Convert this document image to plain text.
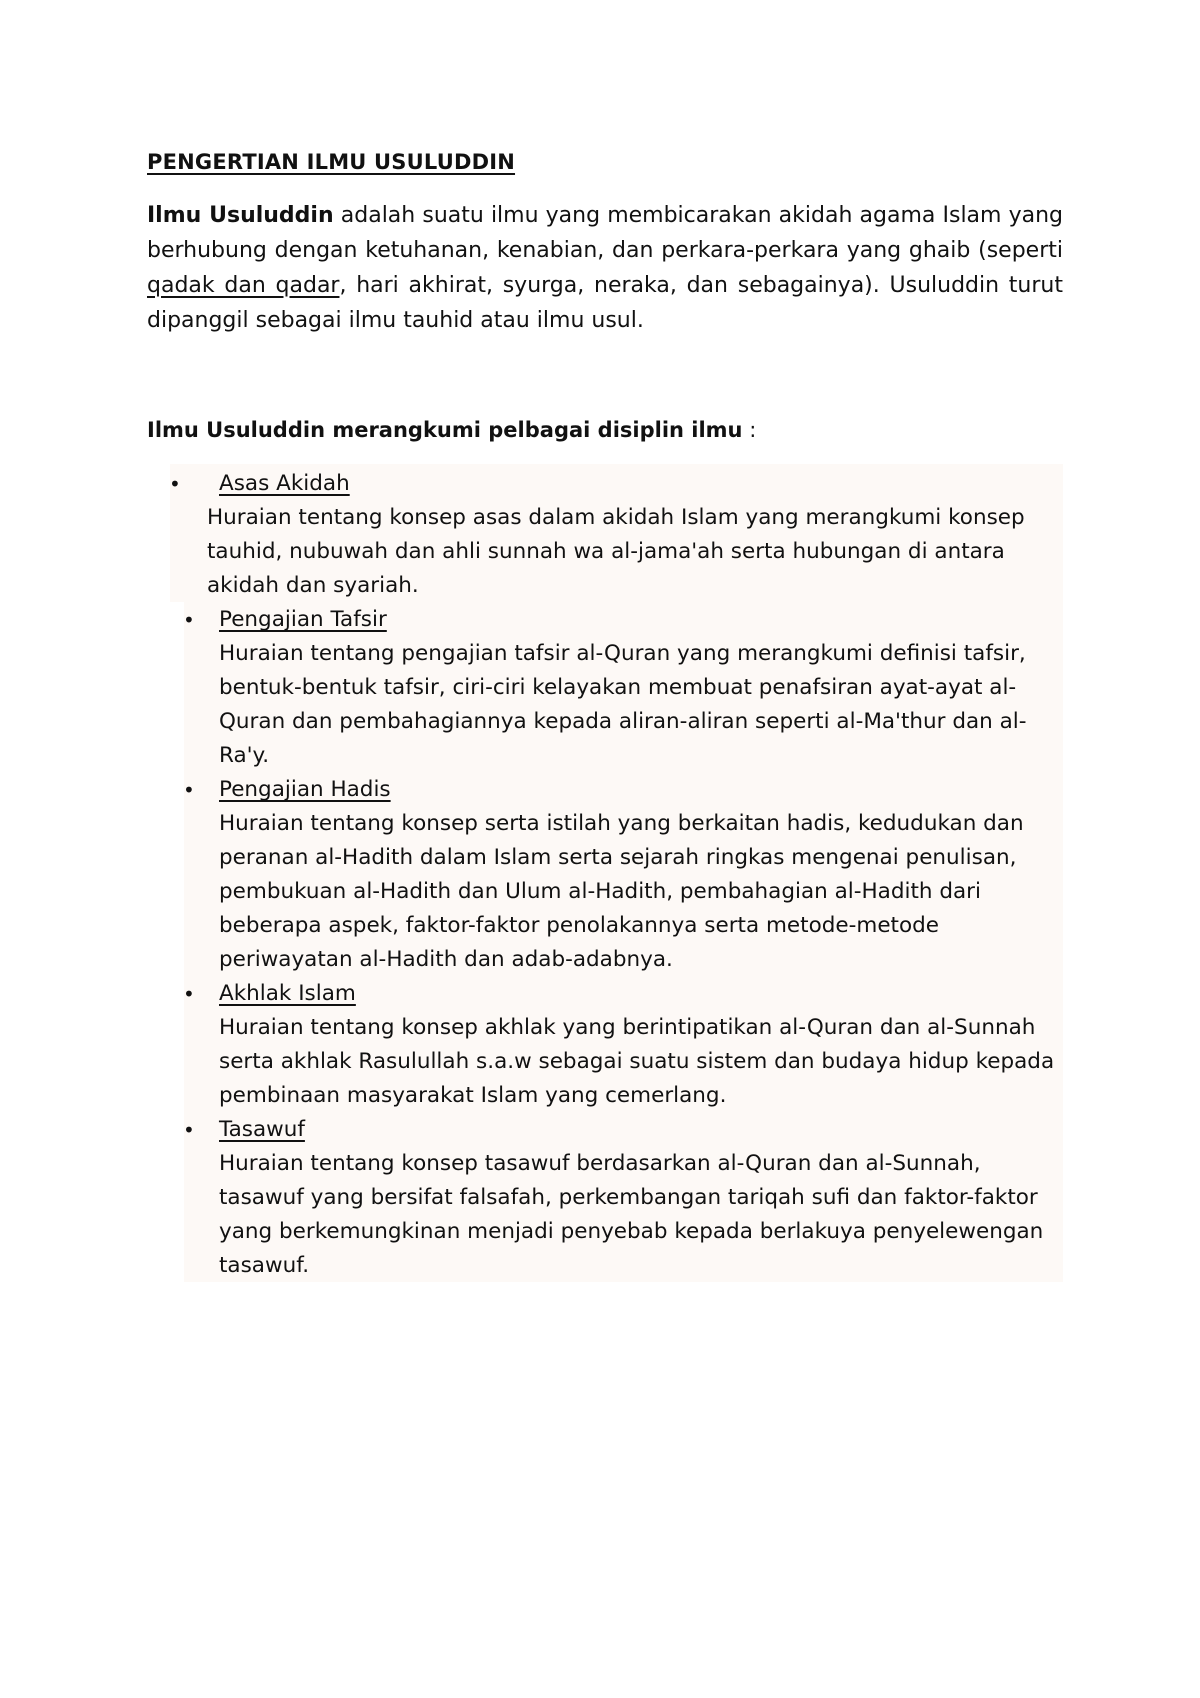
PENGERTIAN ILMU USULUDDIN

Ilmu Usuluddin adalah suatu ilmu yang membicarakan akidah agama Islam yang berhubung dengan ketuhanan, kenabian, dan perkara-perkara yang ghaib (seperti qadak dan qadar, hari akhirat, syurga, neraka, dan sebagainya). Usuluddin turut dipanggil sebagai ilmu tauhid atau ilmu usul.

Ilmu Usuluddin merangkumi pelbagai disiplin ilmu :
•	Asas Akidah
Huraian tentang konsep asas dalam akidah Islam yang merangkumi konsep tauhid, nubuwah dan ahli sunnah wa al-jama'ah serta hubungan di antara akidah dan syariah.
• Pengajian Tafsir
Huraian tentang pengajian tafsir al-Quran yang merangkumi definisi tafsir, bentuk-bentuk tafsir, ciri-ciri kelayakan membuat penafsiran ayat-ayat al-Quran dan pembahagiannya kepada aliran-aliran seperti al-Ma'thur dan al-Ra'y.
• Pengajian Hadis
Huraian tentang konsep serta istilah yang berkaitan hadis, kedudukan dan peranan al-Hadith dalam Islam serta sejarah ringkas mengenai penulisan, pembukuan al-Hadith dan Ulum al-Hadith, pembahagian al-Hadith dari beberapa aspek, faktor-faktor penolakannya serta metode-metode periwayatan al-Hadith dan adab-adabnya.
• Akhlak Islam
Huraian tentang konsep akhlak yang berintipatikan al-Quran dan al-Sunnah serta akhlak Rasulullah s.a.w sebagai suatu sistem dan budaya hidup kepada pembinaan masyarakat Islam yang cemerlang.
• Tasawuf
Huraian tentang konsep tasawuf berdasarkan al-Quran dan al-Sunnah, tasawuf yang bersifat falsafah, perkembangan tariqah sufi dan faktor-faktor yang berkemungkinan menjadi penyebab kepada berlakuya penyelewengan tasawuf.
